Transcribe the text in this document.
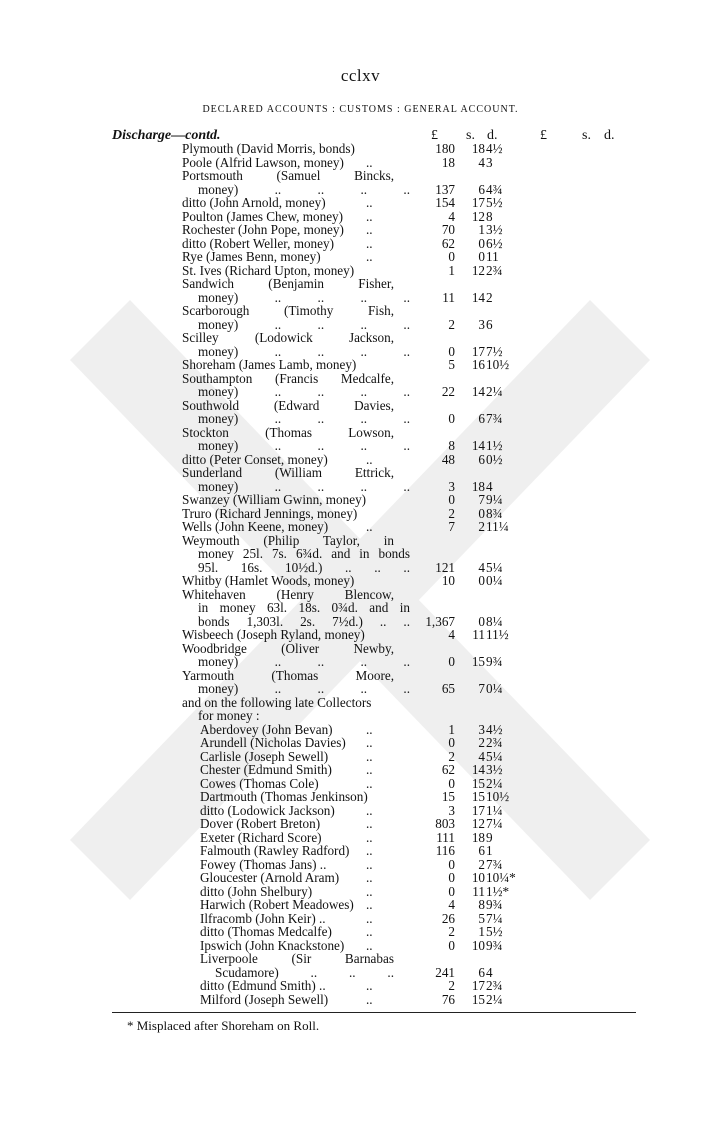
cclxv
DECLARED ACCOUNTS : CUSTOMS : GENERAL ACCOUNT.
Discharge—contd.	£ s. d.	£	s. d.
Plymouth (David Morris, bonds)	180 18 4½
Poole (Alfrid Lawson, money)	..	18 4 3
Portsmouth (Samuel Bincks,
money) .. .. .. .. 137 6 4¾
ditto (John Arnold, money)	..	154 17 5½
Poulton (James Chew, money)	..	4 12 8
Rochester (John Pope, money)	..	70 1 3½
ditto (Robert Weller, money)	..	62 0 6½
Rye (James Benn, money)	..	0 0 11
St. Ives (Richard Upton, money)	1 12 2¾
Sandwich (Benjamin Fisher,
money) .. .. .. .. 11 14 2
Scarborough (Timothy Fish,
money) .. .. .. ..	2 3 6
Scilley (Lodowick Jackson,
money) .. .. .. ..	0 17 7½
Shoreham (James Lamb, money)	5 16 10½
Southampton (Francis Medcalfe,
money) .. .. .. .. 22 14 2¼
Southwold (Edward Davies,
money) .. .. .. ..	0 6 7¾
Stockton (Thomas Lowson,
money) .. .. .. ..	8 14 1½
ditto (Peter Conset, money)	..	48 6 0½
Sunderland (William Ettrick,
money) .. .. .. ..	3 18 4
Swanzey (William Gwinn, money)	0 7 9¼
Truro (Richard Jennings, money)	2 0 8¾
Wells (John Keene, money)	..	7 2 11¼
Weymouth (Philip Taylor, in
money 25l. 7s. 6¾d. and in bonds
95l. 16s. 10½d.) .. .. .. 121 4 5¼
Whitby (Hamlet Woods, money)	10 0 0¼
Whitehaven (Henry Blencow,
in money 63l. 18s. 0¾d. and in
bonds 1,303l. 2s. 7½d.) .. .. 1,367 0 8¼
Wisbeech (Joseph Ryland, money)	4 11 11½
Woodbridge (Oliver Newby,
money) .. .. .. ..	0 15 9¾
Yarmouth (Thomas Moore,
money) .. .. .. .. 65 7 0¼
and on the following late Collectors
for money :
Aberdovey (John Bevan)	..	1 3 4½
Arundell (Nicholas Davies)	..	0 2 2¾
Carlisle (Joseph Sewell)	..	2 4 5¼
Chester (Edmund Smith)	..	62 14 3½
Cowes (Thomas Cole)	..	0 15 2¼
Dartmouth (Thomas Jenkinson)	15 15 10½
ditto (Lodowick Jackson)	..	3 17 1¼
Dover (Robert Breton)	..	803 12 7¼
Exeter (Richard Score)	..	111 18 9
Falmouth (Rawley Radford)	..	116 6 1
Fowey (Thomas Jans) ..	..	0 2 7¾
Gloucester (Arnold Aram)	..	0 10 10¼*
ditto (John Shelbury)	..	0 11 1½*
Harwich (Robert Meadowes) ..	4 8 9¾
Ilfracomb (John Keir) ..	..	26 5 7¼
ditto (Thomas Medcalfe)	..	2 1 5½
Ipswich (John Knackstone)	..	0 10 9¾
Liverpoole (Sir Barnabas
Scudamore) .. .. ..	241 6 4
ditto (Edmund Smith) ..	..	2 17 2¾
Milford (Joseph Sewell)	..	76 15 2¼
* Misplaced after Shoreham on Roll.
